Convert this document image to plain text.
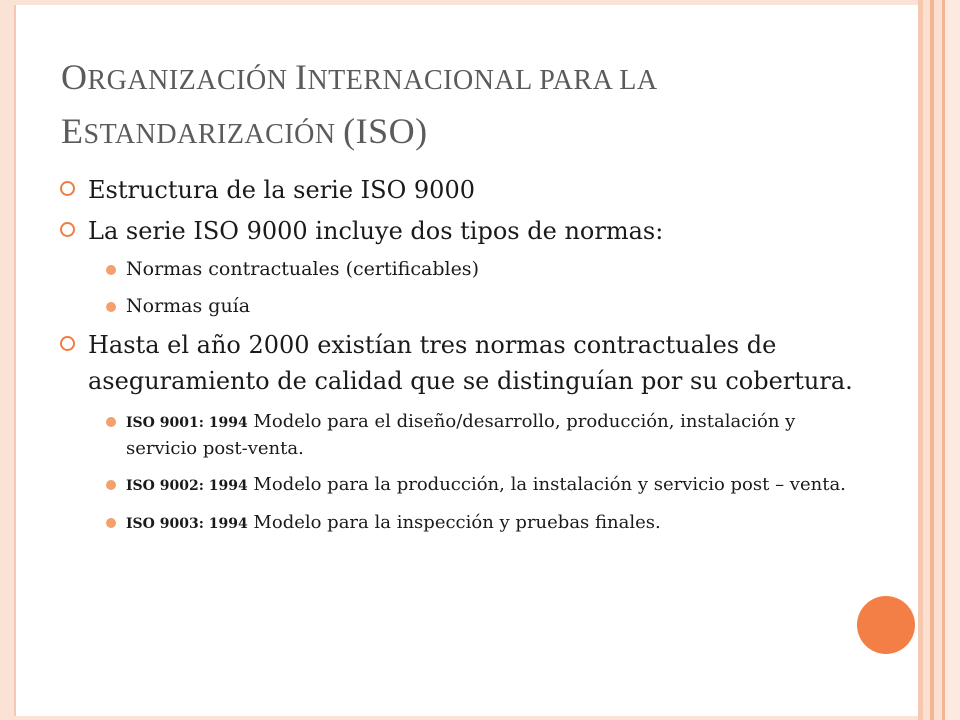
ORGANIZACIÓN INTERNACIONAL PARA LA
ESTANDARIZACIÓN (ISO)
Estructura de la serie ISO 9000
La serie ISO 9000 incluye dos tipos de normas:
Normas contractuales (certificables)
Normas guía
Hasta el año 2000 existían tres normas contractuales de aseguramiento de calidad que se distinguían por su cobertura.
ISO 9001: 1994 Modelo para el diseño/desarrollo, producción, instalación y servicio post-venta.
ISO 9002: 1994 Modelo para la producción, la instalación y servicio post – venta.
ISO 9003: 1994 Modelo para la inspección y pruebas finales.
